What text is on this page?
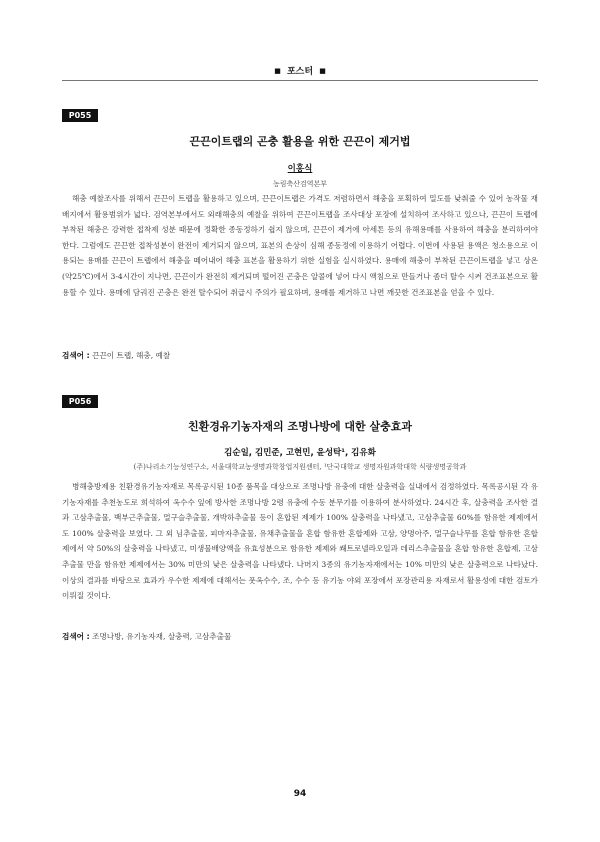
■ 포스터 ■
P055
끈끈이트랩의 곤충 활용을 위한 끈끈이 제거법
이홍식
농림축산검역본부

해충 예찰조사를 위해서 끈끈이 트랩을 활용하고 있으며, 끈끈이트랩은 가격도 저렴하면서 해충을 포획하여 밀도를 낮춰줄 수 있어 농작물 재배지에서 활용범위가 넓다. 검역본부에서도 외래해충의 예찰을 위하여 끈끈이트랩을 조사대상 포장에 설치하여 조사하고 있으나, 끈끈이 트랩에 부착된 해충은 강력한 접착제 성분 때문에 정확한 종동정하기 쉽지 않으며, 끈끈이 제거에 아세톤 등의 유해용매를 사용하여 해충을 분리하여야 한다. 그럼에도 끈끈한 접착성분이 완전이 제거되지 않으며, 표본의 손상이 심해 종동정에 이용하기 어렵다. 이번에 사용된 용액은 청소용으로 이용되는 용매를 끈끈이 트랩에서 해충을 떼어내어 해충 표본을 활용하기 위한 실험을 실시하였다. 용매에 해충이 부착된 끈끈이트랩을 넣고 상온(약25℃)에서 3-4시간이 지나면, 끈끈이가 완전히 제거되며 떨어진 곤충은 알콜에 넣어 다시 액침으로 만들거나 좀더 탈수 시켜 건조표본으로 활용할 수 있다. 용매에 담궈진 곤충은 완전 탈수되어 취급시 주의가 필요하며, 용매를 제거하고 나면 깨끗한 건조표본을 얻을 수 있다.

검색어 : 끈끈이 트랩, 해충, 예찰
P056
친환경유기농자재의 조명나방에 대한 살충효과
김순일, 김민준, 고현민, 윤성탁¹, 김유화
(주)나리소기능성연구소, 서울대학교농생명과학창업지원센터, ¹단국대학교 생명자원과학대학 식량생명공학과

병해충방제용 친환경유기농자재로 목록공시된 10종 품목을 대상으로 조명나방 유충에 대한 살충력을 실내에서 검정하였다. 목록공시된 각 유기농자재를 추천농도로 희석하여 옥수수 잎에 방사한 조명나방 2령 유충에 수동 분무기를 이용하여 분사하였다. 24시간 후, 살충력을 조사한 결과 고삼추출물, 백부근추출물, 멀구슬추출물, 개박하추출물 등이 혼합된 제제가 100% 살충력을 나타냈고, 고삼추출물 60%를 함유한 제제에서도 100% 살충력을 보였다. 그 외 님추출물, 피마자추출물, 유채추출물을 혼합 함유한 혼합제와 고삼, 양명아주, 멀구슬나무를 혼합 함유한 혼합제에서 약 50%의 살충력을 나타냈고, 미생물배양액을 유효성분으로 함유한 제제와 쐐트로넬라오일과 데리스추출물을 혼합 함유한 혼합제, 고삼추출물 만을 함유한 제제에서는 30% 미만의 낮은 살충력을 나타냈다. 나머지 3종의 유기농자재에서는 10% 미만의 낮은 살충력으로 나타났다. 이상의 결과를 바탕으로 효과가 우수한 제제에 대해서는 풋옥수수, 조, 수수 등 유기농 야외 포장에서 포장관리용 자재로서 활용성에 대한 검토가 이뤄질 것이다.

검색어 : 조명나방, 유기농자재, 살충력, 고삼추출물
94
